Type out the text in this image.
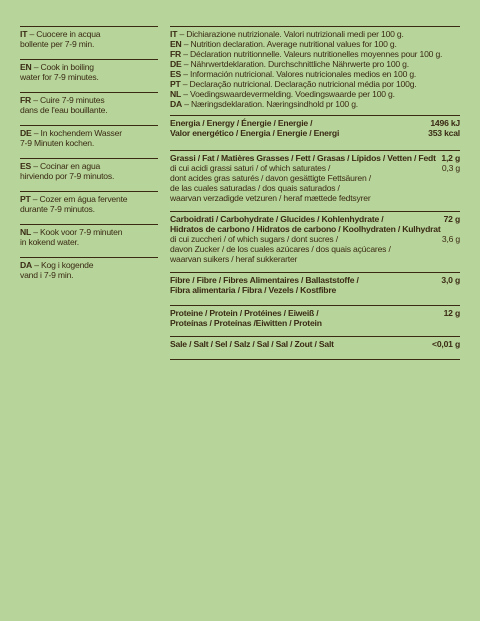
IT – Cuocere in acqua
bollente per 7-9 min.
EN – Cook in boiling
water for 7-9 minutes.
FR – Cuire 7-9 minutes
dans de l'eau bouillante.
DE – In kochendem Wasser
7-9 Minuten kochen.
ES – Cocinar en agua
hirviendo por 7-9 minutos.
PT – Cozer em água fervente
durante 7-9 minutos.
NL – Kook voor 7-9 minuten
in kokend water.
DA – Kog i kogende
vand i 7-9 min.
IT – Dichiarazione nutrizionale. Valori nutrizionali medi per 100 g.
EN – Nutrition declaration. Average nutritional values for 100 g.
FR – Déclaration nutritionnelle. Valeurs nutritionelles moyennes pour 100 g.
DE – Nährwertdeklaration. Durchschnittliche Nährwerte pro 100 g.
ES – Información nutricional. Valores nutricionales medios en 100 g.
PT – Declaração nutricional. Declaração nutricional média por 100g.
NL – Voedingswaardevermelding. Voedingswaarde per 100 g.
DA – Næringsdeklaration. Næringsindhold pr 100 g.
Energia / Energy / Énergie / Energie /	1496 kJ
Valor energético / Energia / Energie / Energi	353 kcal
Grassi / Fat / Matières Grasses / Fett / Grasas / Lípidos / Vetten / Fedt 1,2 g
di cui acidi grassi saturi / of which saturates /	0,3 g
dont acides gras saturés / davon gesättigte Fettsäuren /
de las cuales saturadas / dos quais saturados /
waarvan verzadigde vetzuren / heraf mættede fedtsyrer
Carboidrati / Carbohydrate / Glucides / Kohlenhydrate /	72 g
Hidratos de carbono / Hidratos de carbono / Koolhydraten / Kulhydrat
di cui zuccheri / of which sugars / dont sucres /	3,6 g
davon Zucker / de los cuales azúcares / dos quais açúcares /
waarvan suikers / heraf sukkerarter
Fibre / Fibre / Fibres Alimentaires / Ballaststoffe /	3,0 g
Fibra alimentaria / Fibra / Vezels / Kostfibre
Proteine / Protein / Protéines / Eiweiß /	12 g
Proteínas / Proteínas /Eiwitten / Protein
Sale / Salt / Sel / Salz / Sal / Sal / Zout / Salt	<0,01 g
